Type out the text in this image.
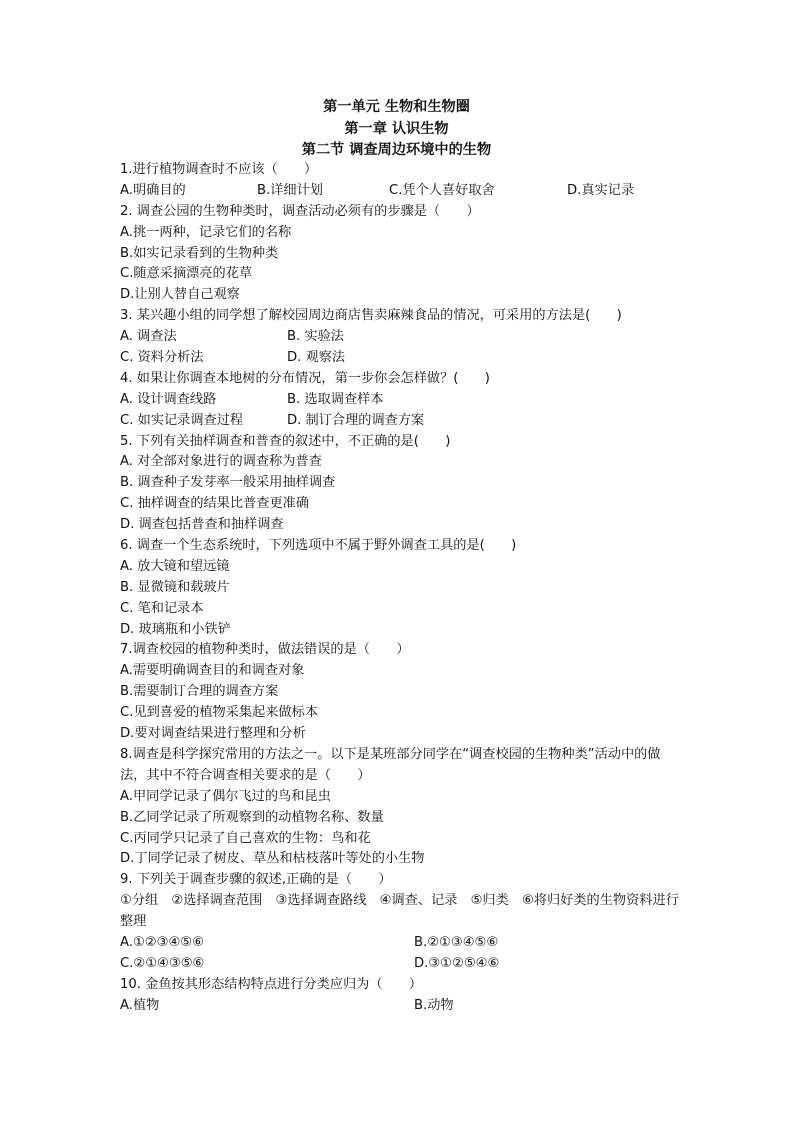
第一单元 生物和生物圈
第一章 认识生物
第二节 调查周边环境中的生物
1.进行植物调查时不应该（　　）
A.明确目的	B.详细计划	C.凭个人喜好取舍	D.真实记录
2. 调查公园的生物种类时，调查活动必须有的步骤是（　　）
A.挑一两种，记录它们的名称
B.如实记录看到的生物种类
C.随意采摘漂亮的花草
D.让别人替自己观察
3. 某兴趣小组的同学想了解校园周边商店售卖麻辣食品的情况，可采用的方法是(　　)
A. 调查法	B. 实验法
C. 资料分析法	D. 观察法
4. 如果让你调查本地树的分布情况，第一步你会怎样做？(　　)
A. 设计调查线路	B. 选取调查样本
C. 如实记录调查过程	D. 制订合理的调查方案
5. 下列有关抽样调查和普查的叙述中，不正确的是(　　)
A. 对全部对象进行的调查称为普查
B. 调查种子发芽率一般采用抽样调查
C. 抽样调查的结果比普查更准确
D. 调查包括普查和抽样调查
6. 调查一个生态系统时，下列选项中不属于野外调查工具的是(　　)
A. 放大镜和望远镜
B. 显微镜和载玻片
C. 笔和记录本
D. 玻璃瓶和小铁铲
7.调查校园的植物种类时，做法错误的是（　　）
A.需要明确调查目的和调查对象
B.需要制订合理的调查方案
C.见到喜爱的植物采集起来做标本
D.要对调查结果进行整理和分析
8.调查是科学探究常用的方法之一。以下是某班部分同学在“调查校园的生物种类”活动中的做法，其中不符合调查相关要求的是（　　）
A.甲同学记录了偶尔飞过的鸟和昆虫
B.乙同学记录了所观察到的动植物名称、数量
C.丙同学只记录了自己喜欢的生物：鸟和花
D.丁同学记录了树皮、草丛和枯枝落叶等处的小生物
9. 下列关于调查步骤的叙述,正确的是（　　）
①分组　②选择调查范围　③选择调查路线　④调查、记录　⑤归类　⑥将归好类的生物资料进行整理
A.①②③④⑤⑥	B.②①③④⑤⑥
C.②①④③⑤⑥	D.③①②⑤④⑥
10. 金鱼按其形态结构特点进行分类应归为（　　）
A.植物	B.动物
